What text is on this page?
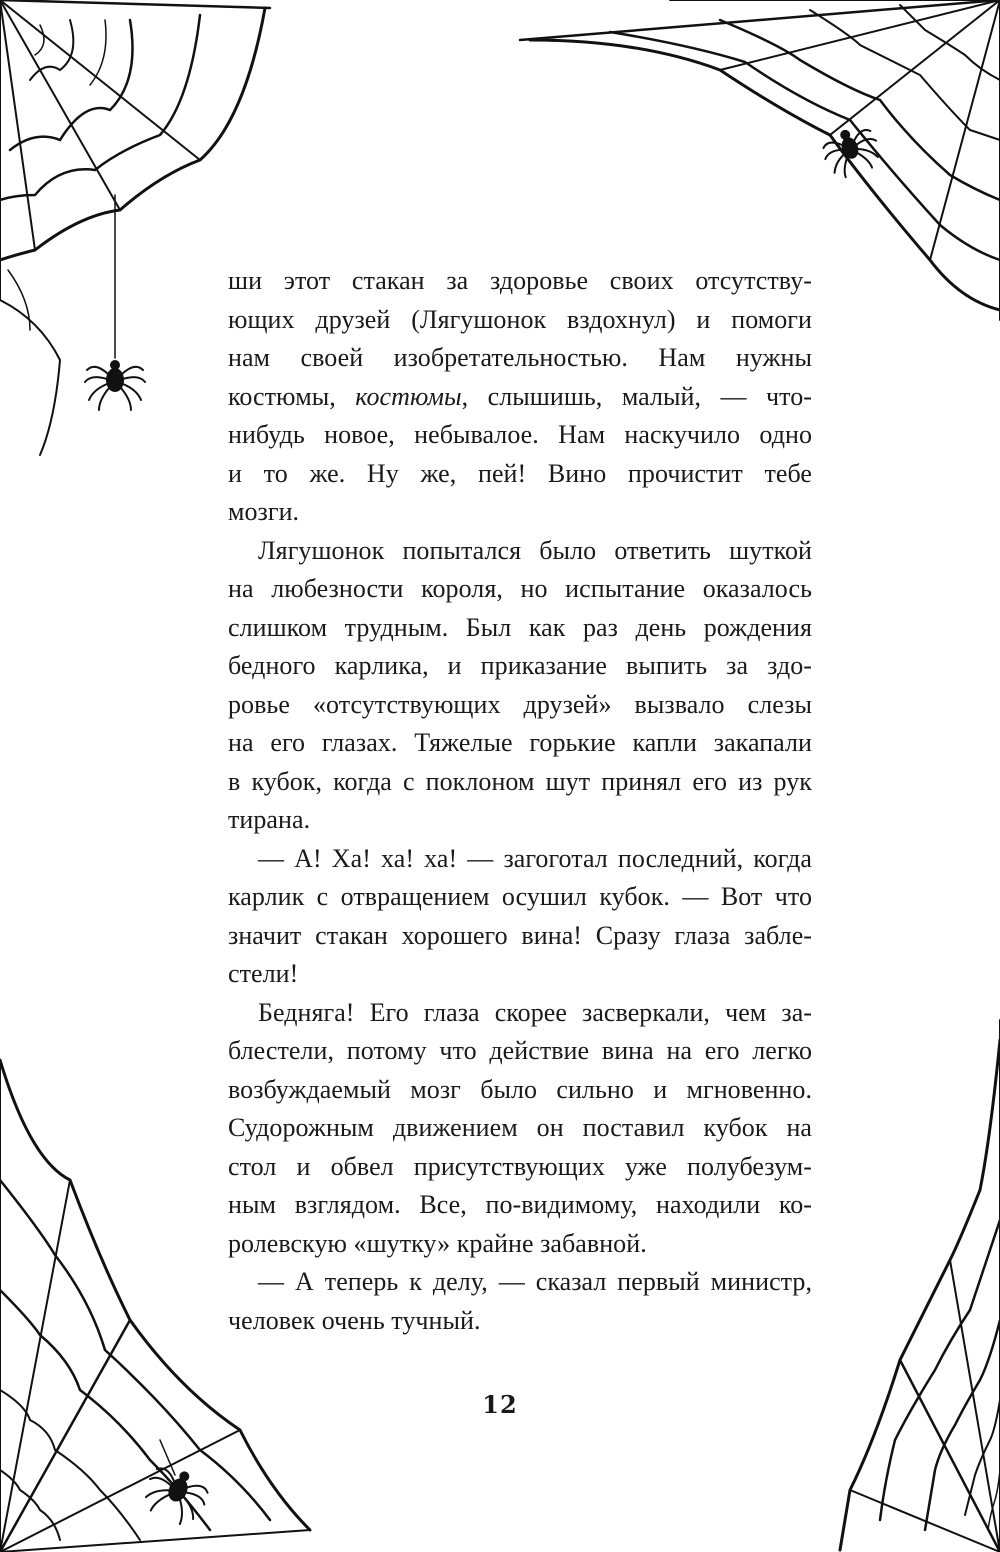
ши этот стакан за здоровье своих отсутству-
ющих друзей (Лягушонок вздохнул) и помоги
нам своей изобретательностью. Нам нужны
костюмы, костюмы, слышишь, малый, — что-
нибудь новое, небывалое. Нам наскучило одно
и то же. Ну же, пей! Вино прочистит тебе
мозги.
Лягушонок попытался было ответить шуткой
на любезности короля, но испытание оказалось
слишком трудным. Был как раз день рождения
бедного карлика, и приказание выпить за здо-
ровье «отсутствующих друзей» вызвало слезы
на его глазах. Тяжелые горькие капли закапали
в кубок, когда с поклоном шут принял его из рук
тирана.
— А! Ха! ха! ха! — загоготал последний, когда
карлик с отвращением осушил кубок. — Вот что
значит стакан хорошего вина! Сразу глаза забле-
стели!
Бедняга! Его глаза скорее засверкали, чем за-
блестели, потому что действие вина на его легко
возбуждаемый мозг было сильно и мгновенно.
Судорожным движением он поставил кубок на
стол и обвел присутствующих уже полубезум-
ным взглядом. Все, по-видимому, находили ко-
ролевскую «шутку» крайне забавной.
— А теперь к делу, — сказал первый министр,
человек очень тучный.
12
